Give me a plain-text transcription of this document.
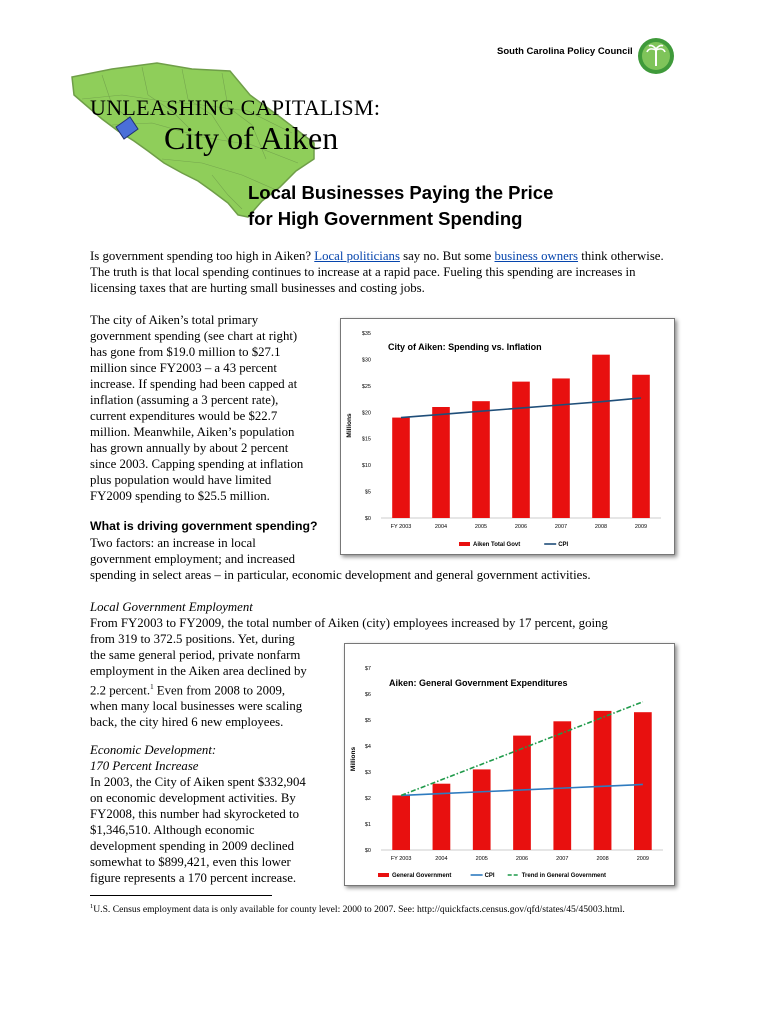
South Carolina Policy Council
UNLEASHING CAPITALISM:
City of Aiken
Local Businesses Paying the Price
for High Government Spending
Is government spending too high in Aiken? Local politicians say no. But some business owners think otherwise. The truth is that local spending continues to increase at a rapid pace. Fueling this spending are increases in licensing taxes that are hurting small businesses and costing jobs.
The city of Aiken’s total primary
government spending (see chart at right)
has gone from $19.0 million to $27.1
million since FY2003 – a 43 percent
increase. If spending had been capped at
inflation (assuming a 3 percent rate),
current expenditures would be $22.7
million. Meanwhile, Aiken’s population
has grown annually by about 2 percent
since 2003. Capping spending at inflation
plus population would have limited
FY2009 spending to $25.5 million.
What is driving government spending?
Two factors: an increase in local
government employment; and increased
spending in select areas – in particular, economic development and general government activities.
Local Government Employment
From FY2003 to FY2009, the total number of Aiken (city) employees increased by 17 percent, going
from 319 to 372.5 positions. Yet, during
the same general period, private nonfarm
employment in the Aiken area declined by
2.2 percent.$^1$ Even from 2008 to 2009,
when many local businesses were scaling
back, the city hired 6 new employees.
Economic Development:
170 Percent Increase
In 2003, the City of Aiken spent $332,904
on economic development activities. By
FY2008, this number had skyrocketed to
$1,346,510. Although economic
development spending in 2009 declined
somewhat to $899,421, even this lower
figure represents a 170 percent increase.
Millions
$0
$5
$10
$15
$20
$25
$30
$35
City of Aiken: Spending vs. Inflation
FY 2003	2004	2005	2006	2007	2008	2009
Aiken Total Govt	CPI
Millions
$0
$1
$2
$3
$4
$5
$6
$7
Aiken: General Government Expenditures
FY 2003	2004	2005	2006	2007	2008	2009
General Government	CPI	Trend in General Government
$^1$U.S. Census employment data is only available for county level: 2000 to 2007. See: http://quickfacts.census.gov/qfd/states/45/45003.html.
